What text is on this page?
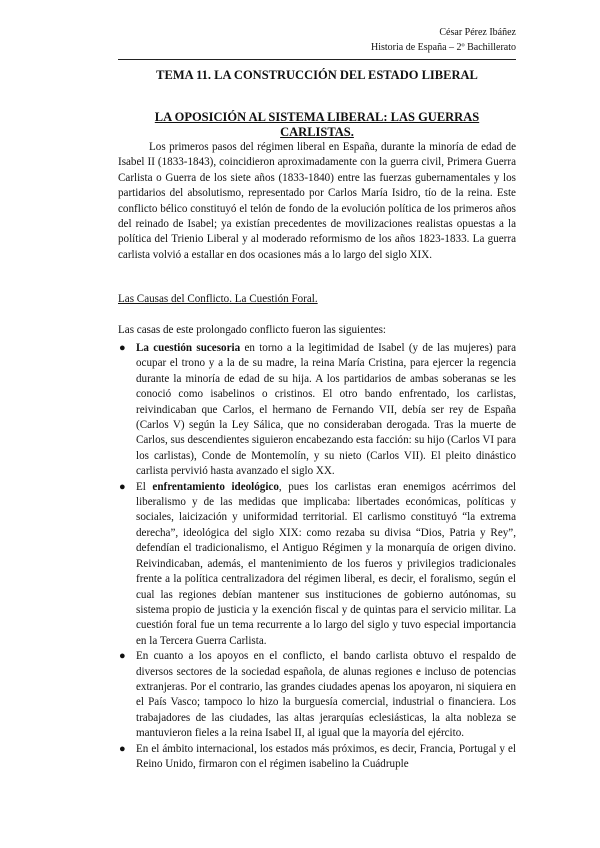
César Pérez Ibáñez
Historia de España – 2º Bachillerato
TEMA 11. LA CONSTRUCCIÓN DEL ESTADO LIBERAL
LA OPOSICIÓN AL SISTEMA LIBERAL: LAS GUERRAS CARLISTAS.

Los primeros pasos del régimen liberal en España, durante la minoría de edad de Isabel II (1833-1843), coincidieron aproximadamente con la guerra civil, Primera Guerra Carlista o Guerra de los siete años (1833-1840) entre las fuerzas gubernamentales y los partidarios del absolutismo, representado por Carlos María Isidro, tío de la reina. Este conflicto bélico constituyó el telón de fondo de la evolución política de los primeros años del reinado de Isabel; ya existían precedentes de movilizaciones realistas opuestas a la política del Trienio Liberal y al moderado reformismo de los años 1823-1833. La guerra carlista volvió a estallar en dos ocasiones más a lo largo del siglo XIX.

Las Causas del Conflicto. La Cuestión Foral.

Las casas de este prolongado conflicto fueron las siguientes:

● La cuestión sucesoria en torno a la legitimidad de Isabel (y de las mujeres) para ocupar el trono y a la de su madre, la reina María Cristina, para ejercer la regencia durante la minoría de edad de su hija. A los partidarios de ambas soberanas se les conoció como isabelinos o cristinos. El otro bando enfrentado, los carlistas, reivindicaban que Carlos, el hermano de Fernando VII, debía ser rey de España (Carlos V) según la Ley Sálica, que no consideraban derogada. Tras la muerte de Carlos, sus descendientes siguieron encabezando esta facción: su hijo (Carlos VI para los carlistas), Conde de Montemolín, y su nieto (Carlos VII). El pleito dinástico carlista pervivió hasta avanzado el siglo XX.
● El enfrentamiento ideológico, pues los carlistas eran enemigos acérrimos del liberalismo y de las medidas que implicaba: libertades económicas, políticas y sociales, laicización y uniformidad territorial. El carlismo constituyó “la extrema derecha”, ideológica del siglo XIX: como rezaba su divisa “Dios, Patria y Rey”, defendían el tradicionalismo, el Antiguo Régimen y la monarquía de origen divino. Reivindicaban, además, el mantenimiento de los fueros y privilegios tradicionales frente a la política centralizadora del régimen liberal, es decir, el foralismo, según el cual las regiones debían mantener sus instituciones de gobierno autónomas, su sistema propio de justicia y la exención fiscal y de quintas para el servicio militar. La cuestión foral fue un tema recurrente a lo largo del siglo y tuvo especial importancia en la Tercera Guerra Carlista.
● En cuanto a los apoyos en el conflicto, el bando carlista obtuvo el respaldo de diversos sectores de la sociedad española, de alunas regiones e incluso de potencias extranjeras. Por el contrario, las grandes ciudades apenas los apoyaron, ni siquiera en el País Vasco; tampoco lo hizo la burguesía comercial, industrial o financiera. Los trabajadores de las ciudades, las altas jerarquías eclesiásticas, la alta nobleza se mantuvieron fieles a la reina Isabel II, al igual que la mayoría del ejército.
● En el ámbito internacional, los estados más próximos, es decir, Francia, Portugal y el Reino Unido, firmaron con el régimen isabelino la Cuádruple
